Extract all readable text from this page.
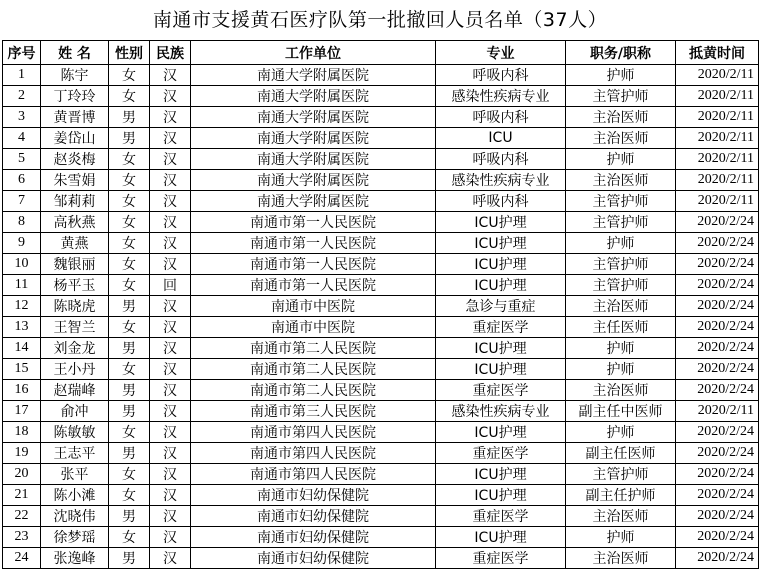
南通市支援黄石医疗队第一批撤回人员名单（37人）
序号	姓 名	性别	民族	工作单位	专业	职务/职称	抵黄时间
1	陈宇	女	汉	南通大学附属医院	呼吸内科	护师	2020/2/11
2	丁玲玲	女	汉	南通大学附属医院	感染性疾病专业	主管护师	2020/2/11
3	黄晋博	男	汉	南通大学附属医院	呼吸内科	主治医师	2020/2/11
4	姜岱山	男	汉	南通大学附属医院	ICU	主治医师	2020/2/11
5	赵炎梅	女	汉	南通大学附属医院	呼吸内科	护师	2020/2/11
6	朱雪娟	女	汉	南通大学附属医院	感染性疾病专业	主治医师	2020/2/11
7	邹莉莉	女	汉	南通大学附属医院	呼吸内科	主管护师	2020/2/11
8	高秋燕	女	汉	南通市第一人民医院	ICU护理	主管护师	2020/2/24
9	黄燕	女	汉	南通市第一人民医院	ICU护理	护师	2020/2/24
10	魏银丽	女	汉	南通市第一人民医院	ICU护理	主管护师	2020/2/24
11	杨平玉	女	回	南通市第一人民医院	ICU护理	主管护师	2020/2/24
12	陈晓虎	男	汉	南通市中医院	急诊与重症	主治医师	2020/2/24
13	王智兰	女	汉	南通市中医院	重症医学	主任医师	2020/2/24
14	刘金龙	男	汉	南通市第二人民医院	ICU护理	护师	2020/2/24
15	王小丹	女	汉	南通市第二人民医院	ICU护理	护师	2020/2/24
16	赵瑞峰	男	汉	南通市第二人民医院	重症医学	主治医师	2020/2/24
17	俞冲	男	汉	南通市第三人民医院	感染性疾病专业	副主任中医师	2020/2/11
18	陈敏敏	女	汉	南通市第四人民医院	ICU护理	护师	2020/2/24
19	王志平	男	汉	南通市第四人民医院	重症医学	副主任医师	2020/2/24
20	张平	女	汉	南通市第四人民医院	ICU护理	主管护师	2020/2/24
21	陈小滩	女	汉	南通市妇幼保健院	ICU护理	副主任护师	2020/2/24
22	沈晓伟	男	汉	南通市妇幼保健院	重症医学	主治医师	2020/2/24
23	徐梦瑶	女	汉	南通市妇幼保健院	ICU护理	护师	2020/2/24
24	张逸峰	男	汉	南通市妇幼保健院	重症医学	主治医师	2020/2/24
